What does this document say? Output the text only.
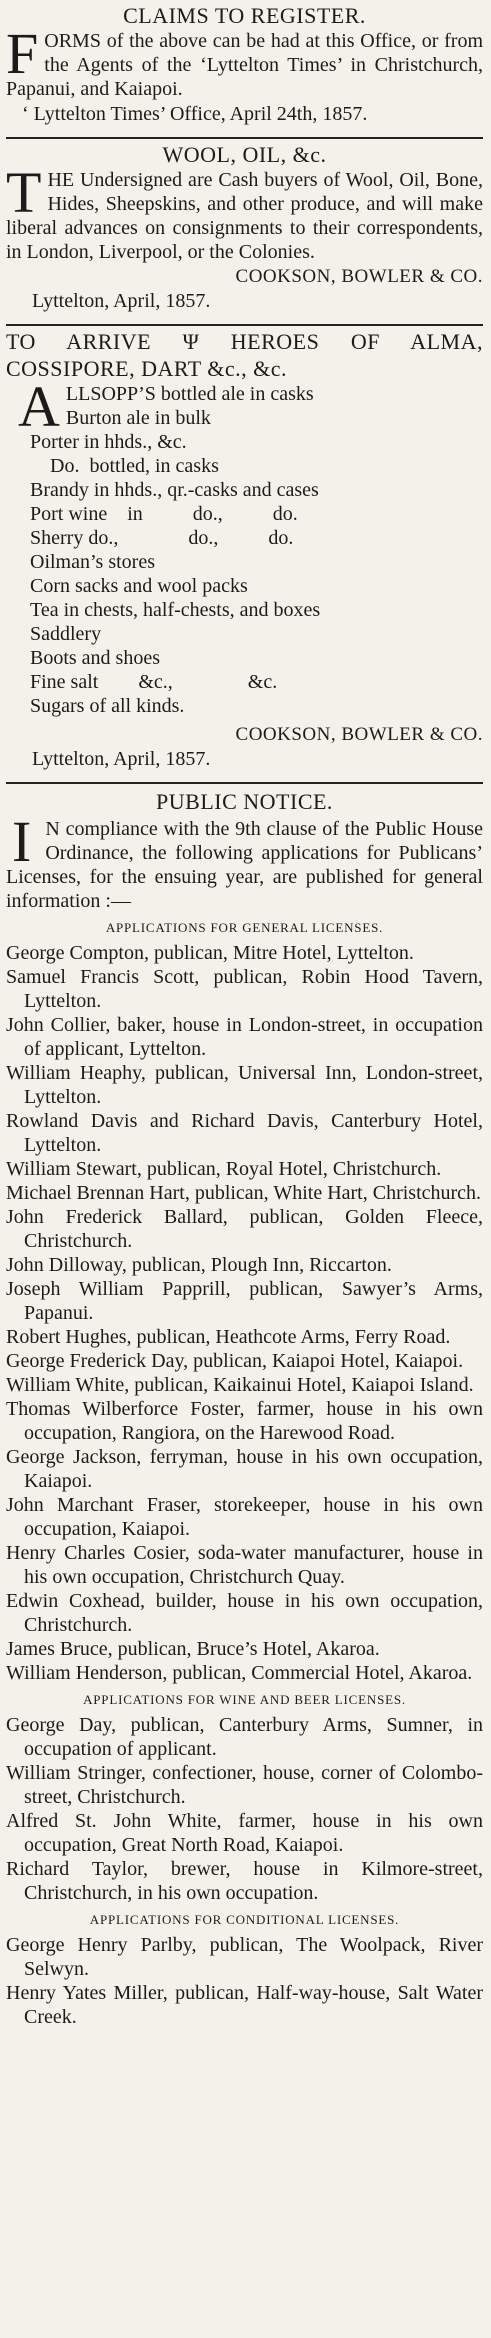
CLAIMS TO REGISTER.

F ORMS of the above can be had at this Office, or from the Agents of the ‘Lyttelton Times’ in Christchurch, Papanui, and Kaiapoi.

‘ Lyttelton Times’ Office, April 24th, 1857.

WOOL, OIL, &c.

T HE Undersigned are Cash buyers of Wool, Oil, Bone, Hides, Sheepskins, and other produce, and will make liberal advances on consignments to their correspondents, in London, Liverpool, or the Colonies.

COOKSON, BOWLER & CO.

Lyttelton, April, 1857.

TO ARRIVE Ψ HEROES OF ALMA, COSSIPORE, DART &c., &c.

A LLSOPP’S bottled ale in casks

Burton ale in bulk

Porter in hhds., &c.

Do.  bottled, in casks

Brandy in hhds., qr.-casks and cases

Port wine    in          do.,          do.

Sherry do.,              do.,          do.

Oilman’s stores

Corn sacks and wool packs

Tea in chests, half-chests, and boxes

Saddlery

Boots and shoes

Fine salt        &c.,               &c.

Sugars of all kinds.

COOKSON, BOWLER & CO.

Lyttelton, April, 1857.

PUBLIC NOTICE.

I N compliance with the 9th clause of the Public House Ordinance, the following applications for Publicans’ Licenses, for the ensuing year, are published for general information :—

APPLICATIONS FOR GENERAL LICENSES.

George Compton, publican, Mitre Hotel, Lyttelton.

Samuel Francis Scott, publican, Robin Hood Tavern, Lyttelton.

John Collier, baker, house in London-street, in occupation of applicant, Lyttelton.

William Heaphy, publican, Universal Inn, London-street, Lyttelton.

Rowland Davis and Richard Davis, Canterbury Hotel, Lyttelton.

William Stewart, publican, Royal Hotel, Christchurch.

Michael Brennan Hart, publican, White Hart, Christchurch.

John Frederick Ballard, publican, Golden Fleece, Christchurch.

John Dilloway, publican, Plough Inn, Riccarton.

Joseph William Papprill, publican, Sawyer’s Arms, Papanui.

Robert Hughes, publican, Heathcote Arms, Ferry Road.

George Frederick Day, publican, Kaiapoi Hotel, Kaiapoi.

William White, publican, Kaikainui Hotel, Kaiapoi Island.

Thomas Wilberforce Foster, farmer, house in his own occupation, Rangiora, on the Harewood Road.

George Jackson, ferryman, house in his own occupation, Kaiapoi.

John Marchant Fraser, storekeeper, house in his own occupation, Kaiapoi.

Henry Charles Cosier, soda-water manufacturer, house in his own occupation, Christchurch Quay.

Edwin Coxhead, builder, house in his own occupation, Christchurch.

James Bruce, publican, Bruce’s Hotel, Akaroa.

William Henderson, publican, Commercial Hotel, Akaroa.

APPLICATIONS FOR WINE AND BEER LICENSES.

George Day, publican, Canterbury Arms, Sumner, in occupation of applicant.

William Stringer, confectioner, house, corner of Colombo-street, Christchurch.

Alfred St. John White, farmer, house in his own occupation, Great North Road, Kaiapoi.

Richard Taylor, brewer, house in Kilmore-street, Christchurch, in his own occupation.

APPLICATIONS FOR CONDITIONAL LICENSES.

George Henry Parlby, publican, The Woolpack, River Selwyn.

Henry Yates Miller, publican, Half-way-house, Salt Water Creek.
